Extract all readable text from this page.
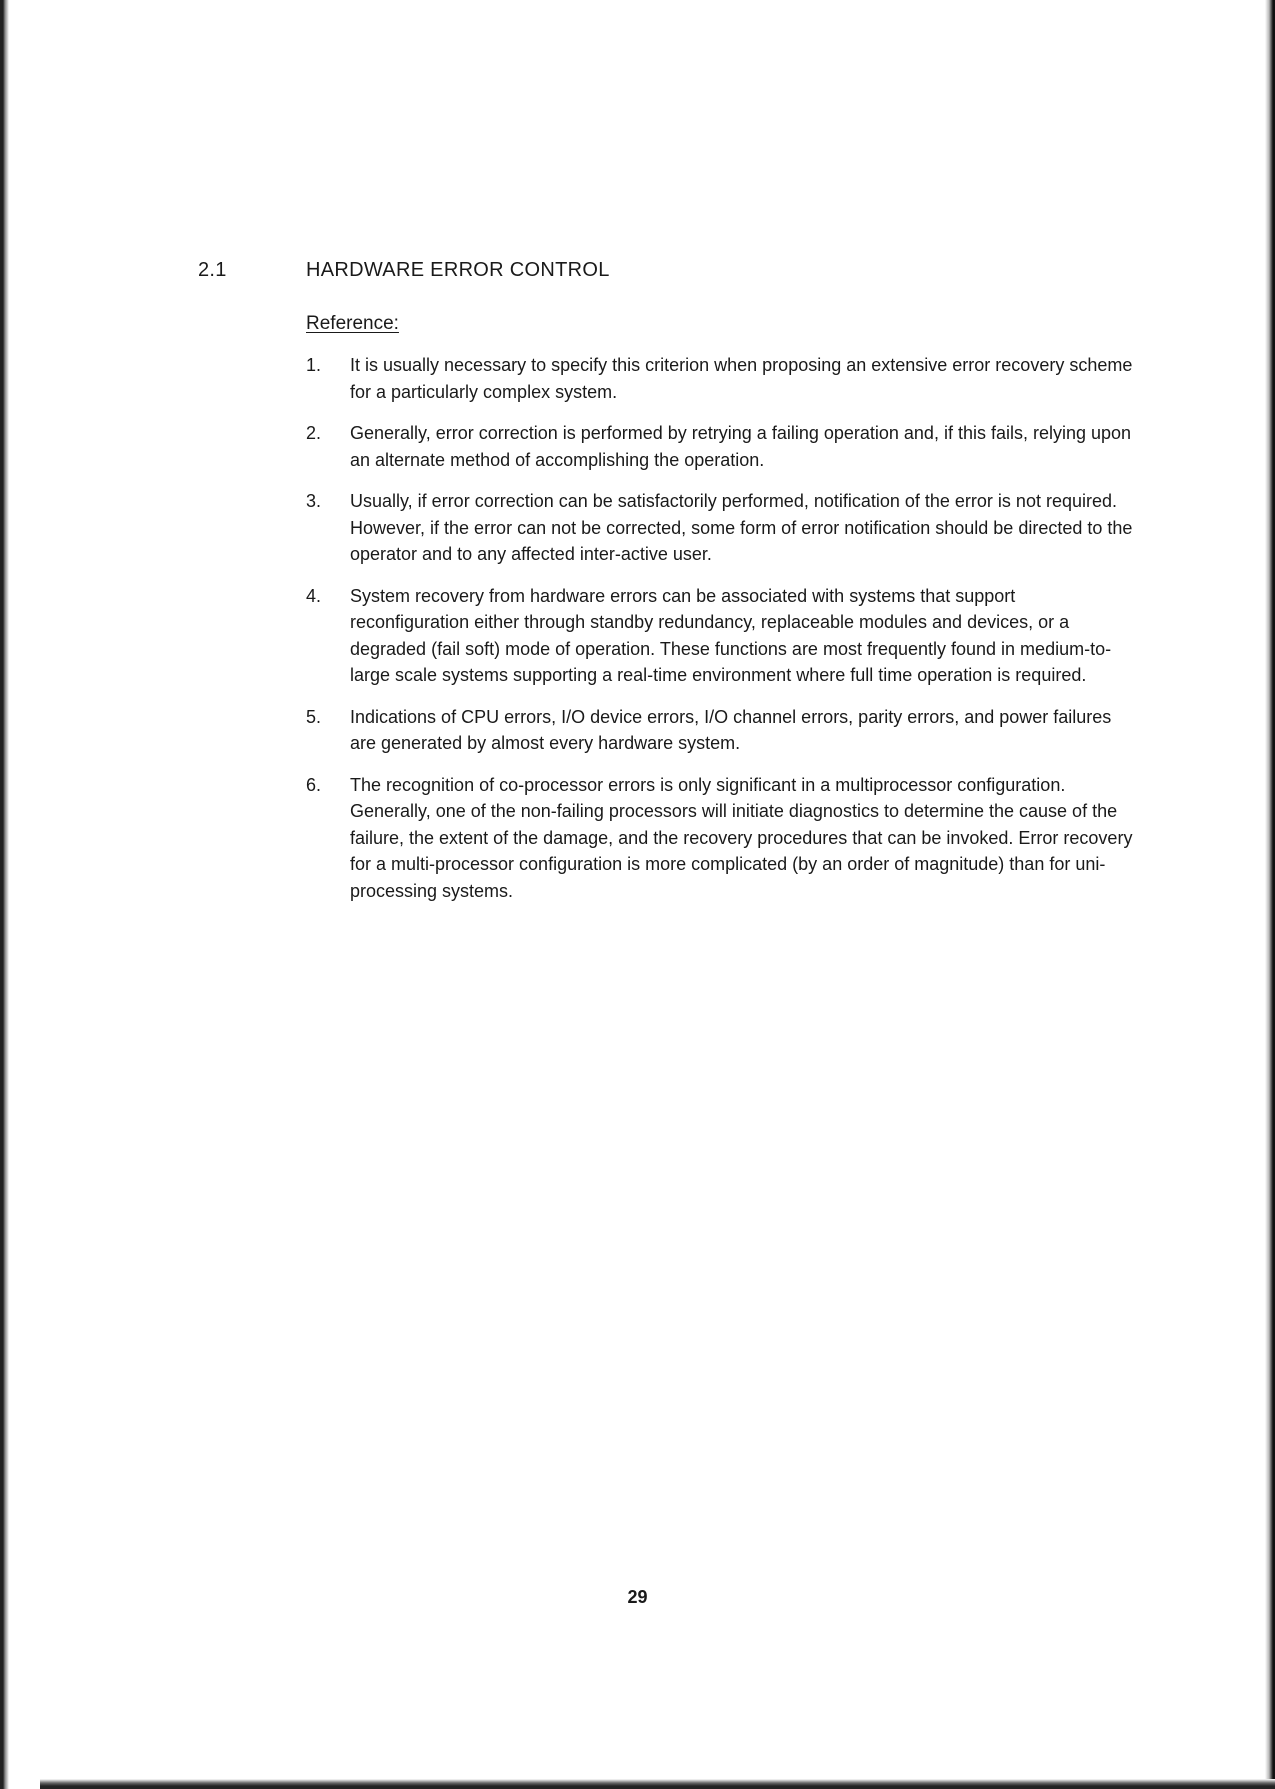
2.1	HARDWARE ERROR CONTROL
Reference:
1.	It is usually necessary to specify this criterion when proposing an extensive error recovery scheme for a particularly complex system.
2.	Generally, error correction is performed by retrying a failing operation and, if this fails, relying upon an alternate method of accomplishing the operation.
3.	Usually, if error correction can be satisfactorily performed, notification of the error is not required. However, if the error can not be corrected, some form of error notification should be directed to the operator and to any affected inter-active user.
4.	System recovery from hardware errors can be associated with systems that support reconfiguration either through standby redundancy, replaceable modules and devices, or a degraded (fail soft) mode of operation. These functions are most frequently found in medium-to-large scale systems supporting a real-time environment where full time operation is required.
5.	Indications of CPU errors, I/O device errors, I/O channel errors, parity errors, and power failures are generated by almost every hardware system.
6.	The recognition of co-processor errors is only significant in a multiprocessor configuration. Generally, one of the non-failing processors will initiate diagnostics to determine the cause of the failure, the extent of the damage, and the recovery procedures that can be invoked. Error recovery for a multi-processor configuration is more complicated (by an order of magnitude) than for uni-processing systems.
29
